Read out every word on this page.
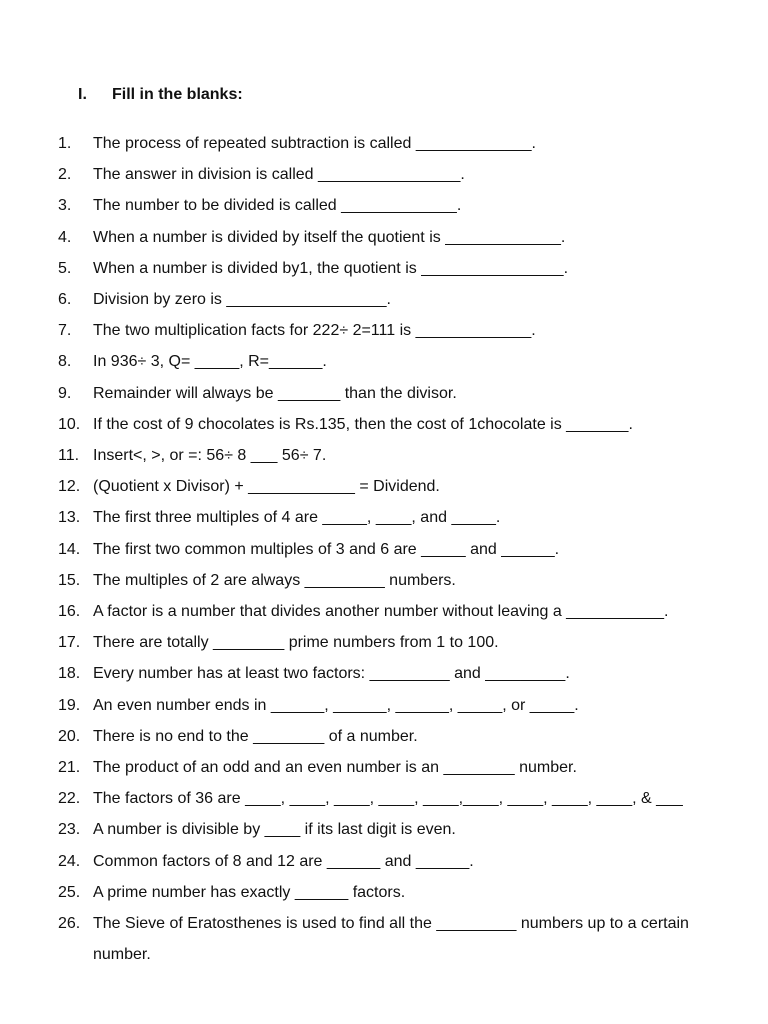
I.	Fill in the blanks:
1.	The process of repeated subtraction is called _____________.
2.	The answer in division is called ________________.
3.	The number to be divided is called _____________.
4.	When a number is divided by itself the quotient is _____________.
5.	When a number is divided by1, the quotient is ________________.
6.	Division by zero is __________________.
7.	The two multiplication facts for 222÷ 2=111 is _____________.
8.	In 936÷ 3, Q= _____, R=______.
9.	Remainder will always be _______ than the divisor.
10. If the cost of 9 chocolates is Rs.135, then the cost of 1chocolate is _______.
11. Insert<, >, or =: 56÷ 8 ___ 56÷ 7.
12. (Quotient x Divisor) + ____________ = Dividend.
13. The first three multiples of 4 are _____, ____, and _____.
14. The first two common multiples of 3 and 6 are _____ and ______.
15. The multiples of 2 are always _________ numbers.
16. A factor is a number that divides another number without leaving a ___________.
17. There are totally ________ prime numbers from 1 to 100.
18. Every number has at least two factors: _________ and _________.
19. An even number ends in ______, ______, ______, _____, or _____.
20. There is no end to the ________ of a number.
21. The product of an odd and an even number is an ________ number.
22. The factors of 36 are ____, ____, ____, ____, ____,____, ____, ____, ____, & ___
23. A number is divisible by ____ if its last digit is even.
24. Common factors of 8 and 12 are ______ and ______.
25. A prime number has exactly ______ factors.
26. The Sieve of Eratosthenes is used to find all the _________ numbers up to a certain number.
